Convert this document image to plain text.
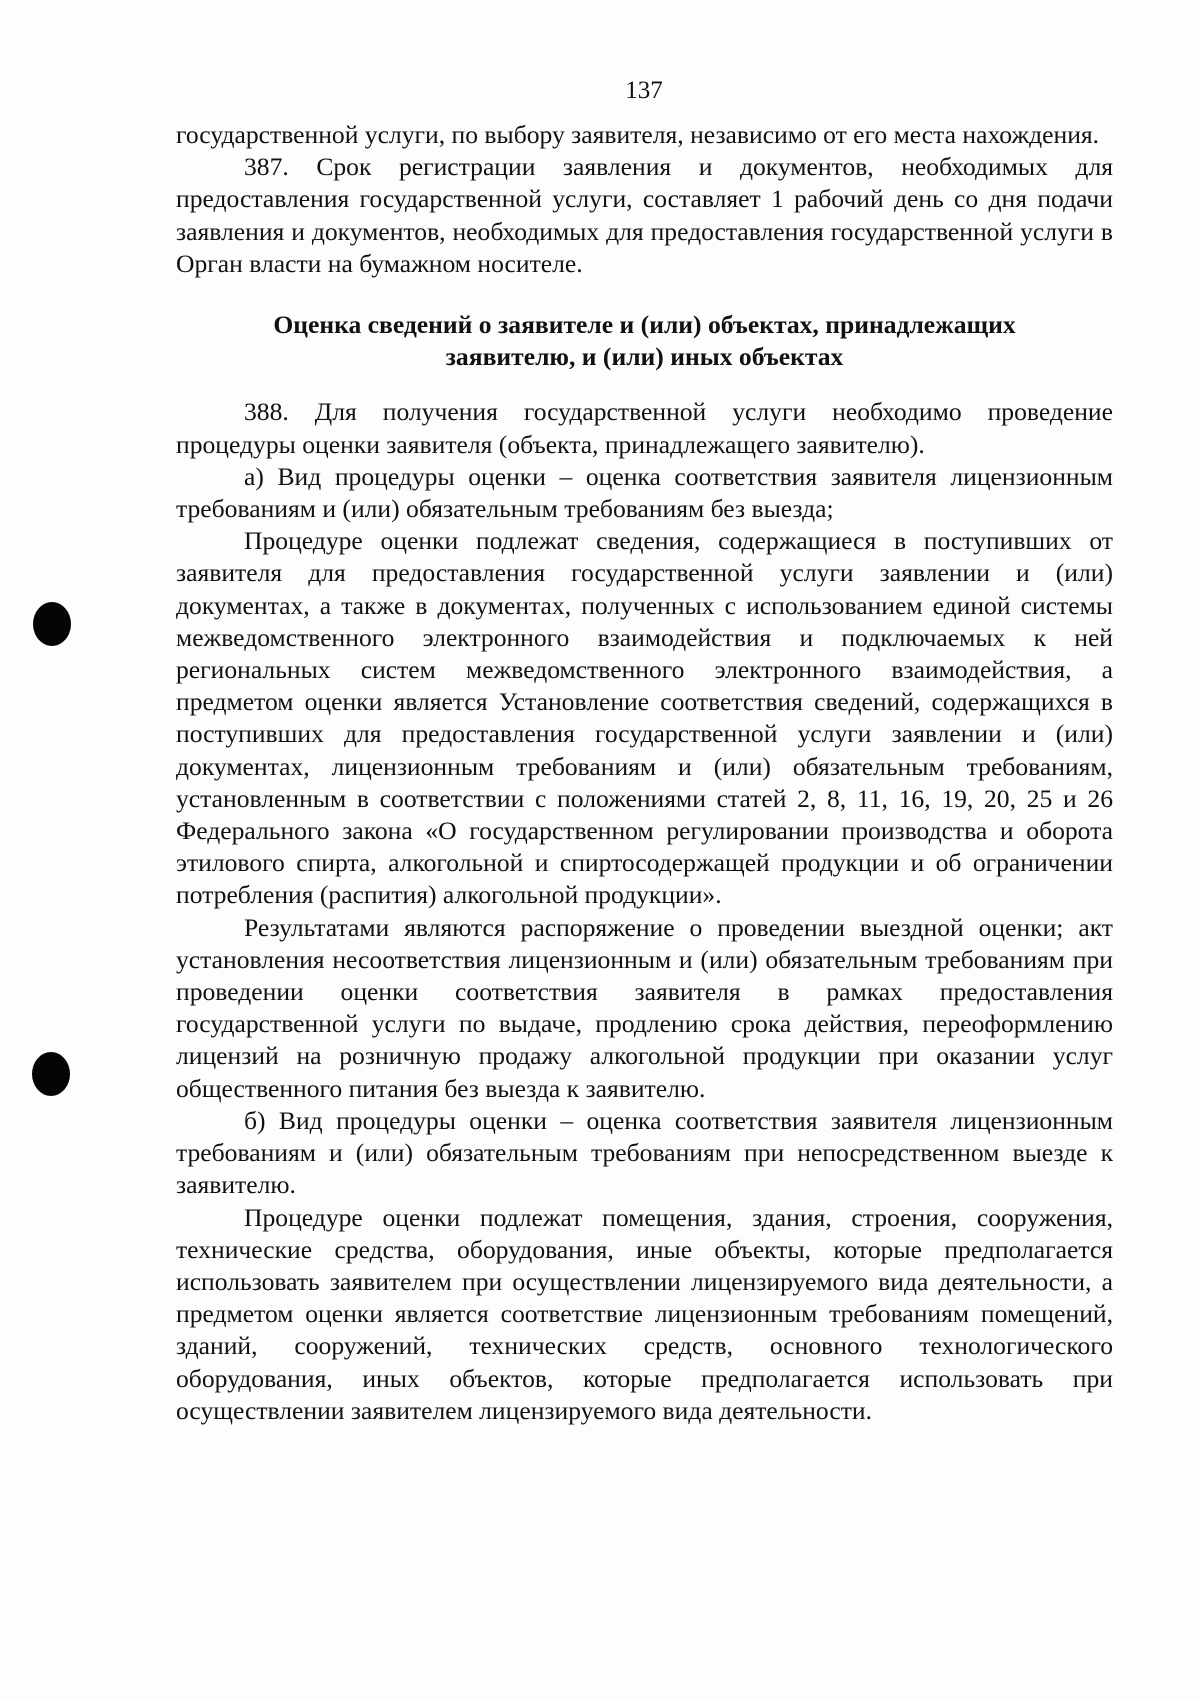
137

государственной услуги, по выбору заявителя, независимо от его места нахождения.

387. Срок регистрации заявления и документов, необходимых для предоставления государственной услуги, составляет 1 рабочий день со дня подачи заявления и документов, необходимых для предоставления государственной услуги в Орган власти на бумажном носителе.

Оценка сведений о заявителе и (или) объектах, принадлежащих
заявителю, и (или) иных объектах

388. Для получения государственной услуги необходимо проведение процедуры оценки заявителя (объекта, принадлежащего заявителю).

а) Вид процедуры оценки – оценка соответствия заявителя лицензионным требованиям и (или) обязательным требованиям без выезда;

Процедуре оценки подлежат сведения, содержащиеся в поступивших от заявителя для предоставления государственной услуги заявлении и (или) документах, а также в документах, полученных с использованием единой системы межведомственного электронного взаимодействия и подключаемых к ней региональных систем межведомственного электронного взаимодействия, а предметом оценки является Установление соответствия сведений, содержащихся в поступивших для предоставления государственной услуги заявлении и (или) документах, лицензионным требованиям и (или) обязательным требованиям, установленным в соответствии с положениями статей 2, 8, 11, 16, 19, 20, 25 и 26 Федерального закона «О государственном регулировании производства и оборота этилового спирта, алкогольной и спиртосодержащей продукции и об ограничении потребления (распития) алкогольной продукции».

Результатами являются распоряжение о проведении выездной оценки; акт установления несоответствия лицензионным и (или) обязательным требованиям при проведении оценки соответствия заявителя в рамках предоставления государственной услуги по выдаче, продлению срока действия, переоформлению лицензий на розничную продажу алкогольной продукции при оказании услуг общественного питания без выезда к заявителю.

б) Вид процедуры оценки – оценка соответствия заявителя лицензионным требованиям и (или) обязательным требованиям при непосредственном выезде к заявителю.

Процедуре оценки подлежат помещения, здания, строения, сооружения, технические средства, оборудования, иные объекты, которые предполагается использовать заявителем при осуществлении лицензируемого вида деятельности, а предметом оценки является соответствие лицензионным требованиям помещений, зданий, сооружений, технических средств, основного технологического оборудования, иных объектов, которые предполагается использовать при осуществлении заявителем лицензируемого вида деятельности.
